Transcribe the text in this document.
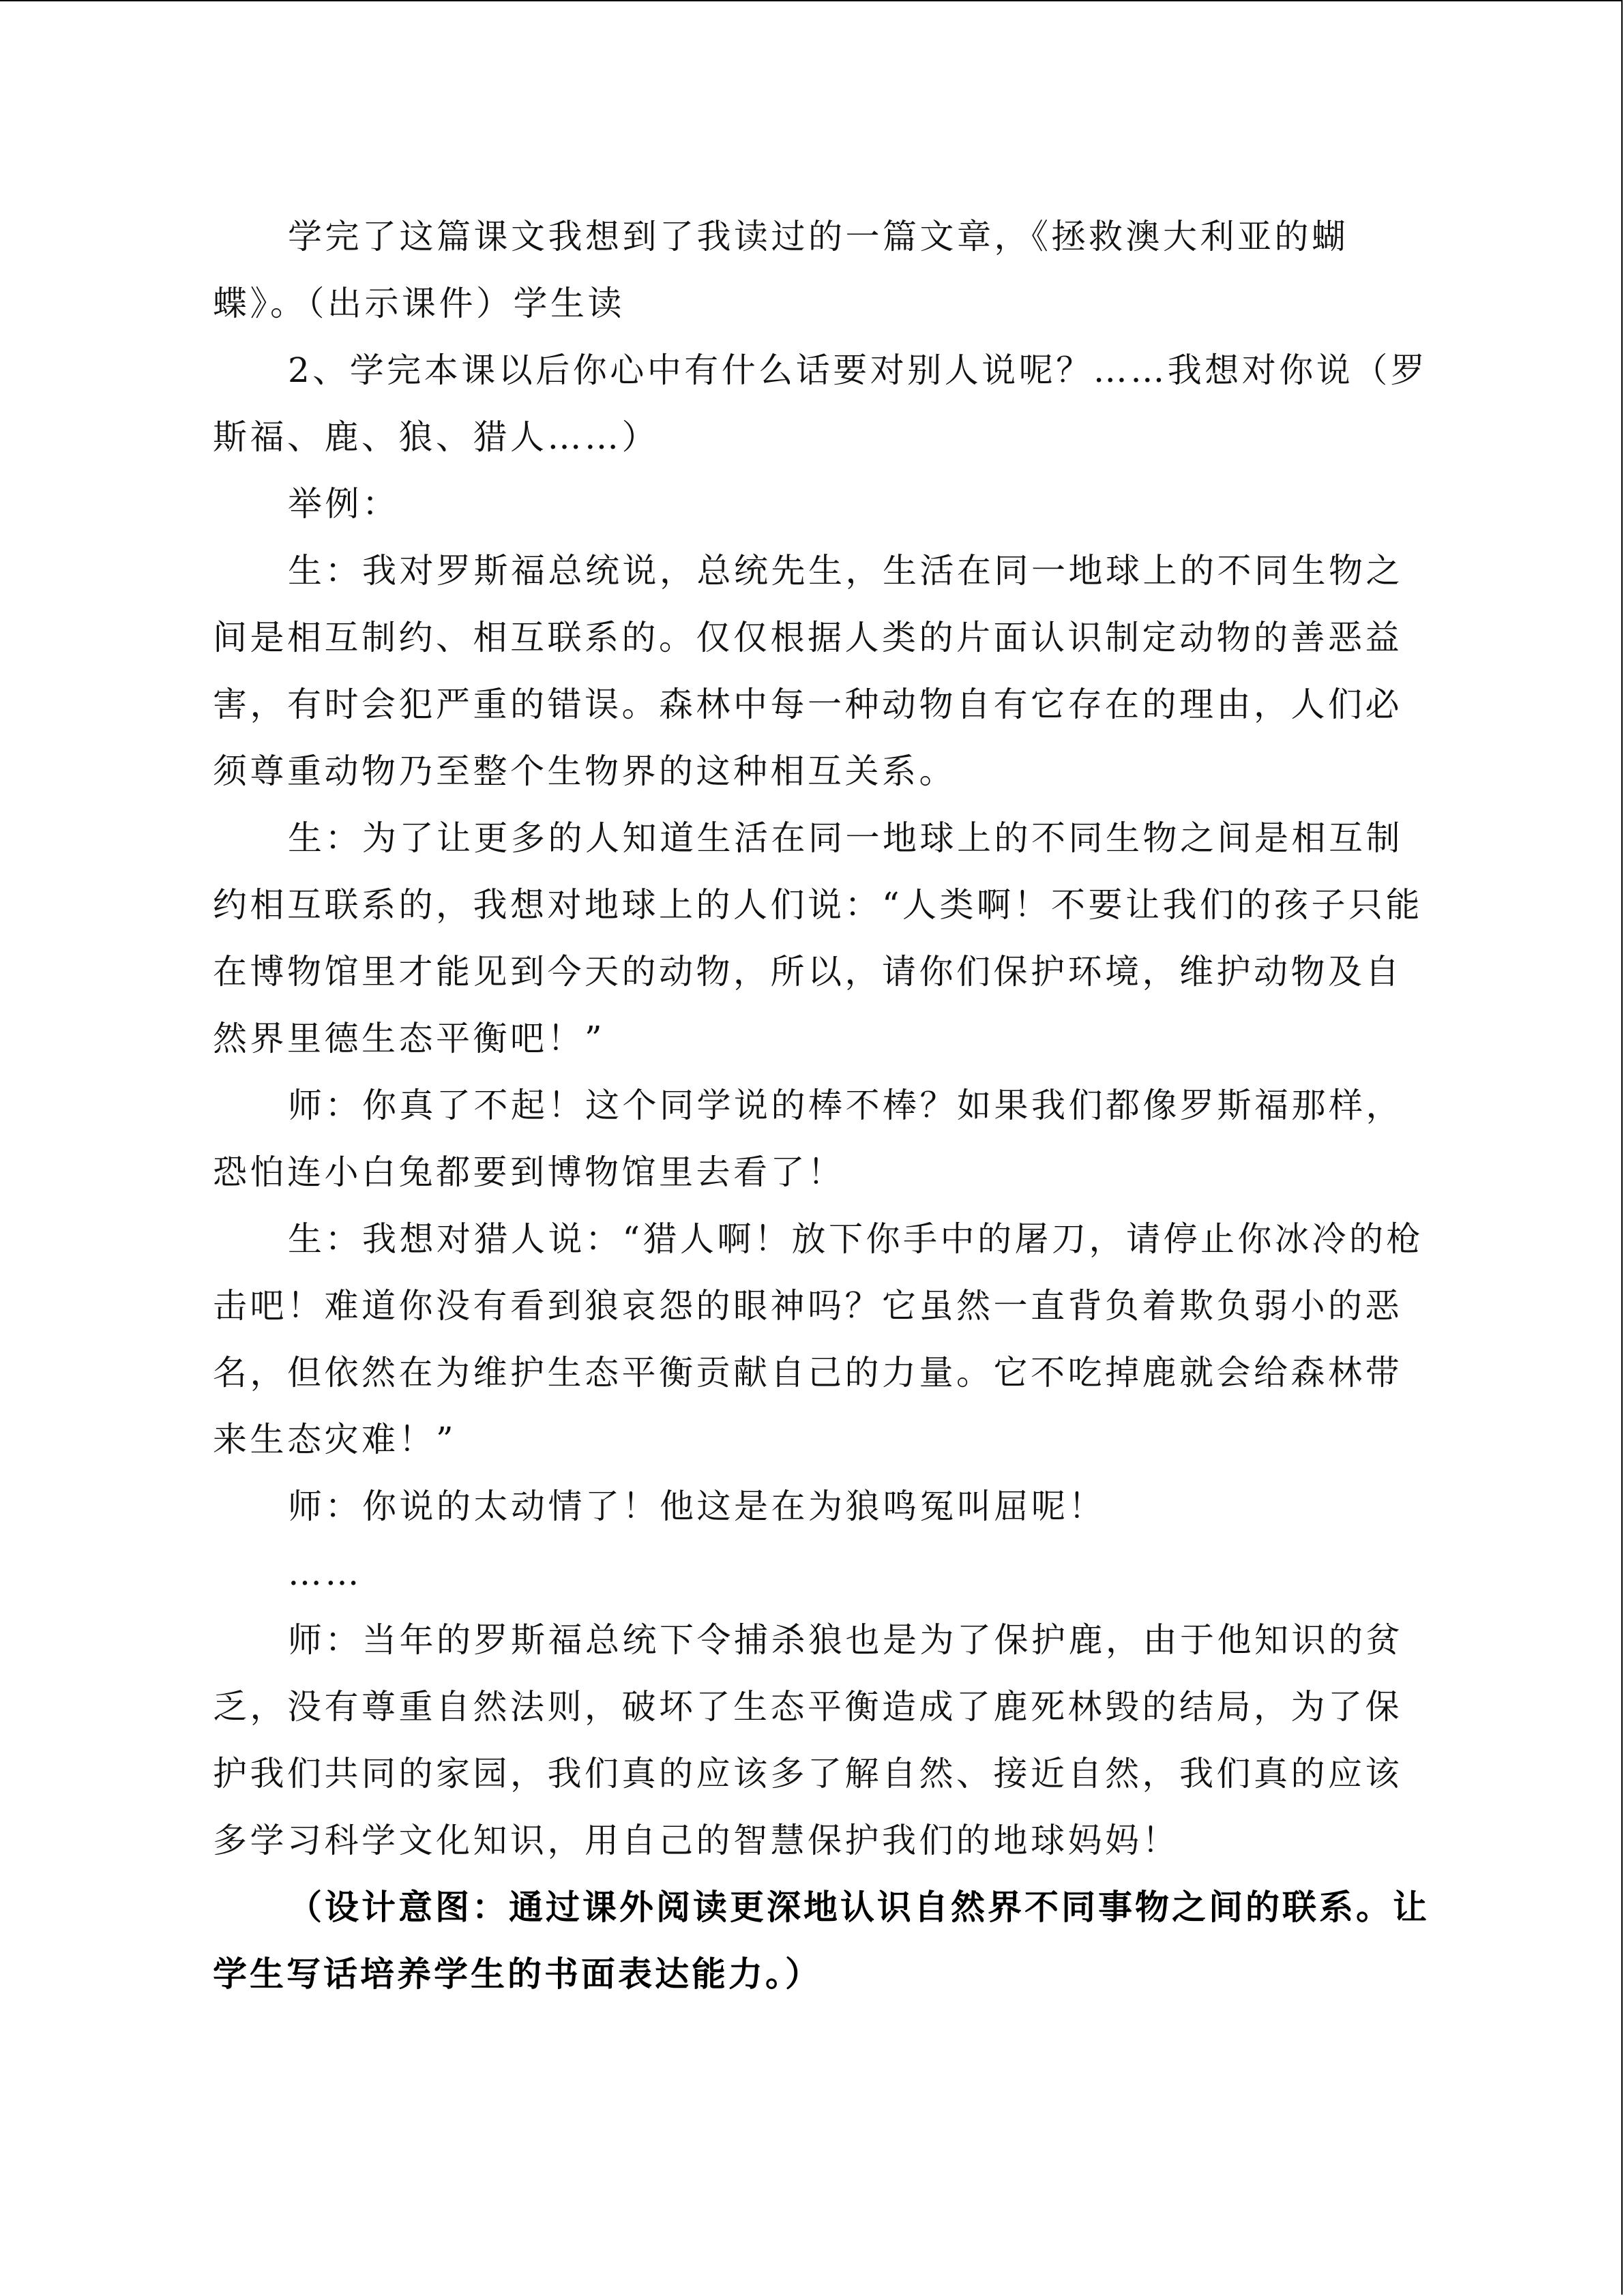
学完了这篇课文我想到了我读过的一篇文章，《拯救澳大利亚的蝴蝶》。（出示课件）学生读

2、学完本课以后你心中有什么话要对别人说呢？……我想对你说（罗斯福、鹿、狼、猎人……）

举例：

生：我对罗斯福总统说，总统先生，生活在同一地球上的不同生物之间是相互制约、相互联系的。仅仅根据人类的片面认识制定动物的善恶益害，有时会犯严重的错误。森林中每一种动物自有它存在的理由，人们必须尊重动物乃至整个生物界的这种相互关系。

生：为了让更多的人知道生活在同一地球上的不同生物之间是相互制约相互联系的，我想对地球上的人们说：“人类啊！不要让我们的孩子只能在博物馆里才能见到今天的动物，所以，请你们保护环境，维护动物及自然界里德生态平衡吧！”

师：你真了不起！这个同学说的棒不棒？如果我们都像罗斯福那样，恐怕连小白兔都要到博物馆里去看了！

生：我想对猎人说：“猎人啊！放下你手中的屠刀，请停止你冰冷的枪击吧！难道你没有看到狼哀怨的眼神吗？它虽然一直背负着欺负弱小的恶名，但依然在为维护生态平衡贡献自己的力量。它不吃掉鹿就会给森林带来生态灾难！”

师：你说的太动情了！他这是在为狼鸣冤叫屈呢！

……

师：当年的罗斯福总统下令捕杀狼也是为了保护鹿，由于他知识的贫乏，没有尊重自然法则，破坏了生态平衡造成了鹿死林毁的结局，为了保护我们共同的家园，我们真的应该多了解自然、接近自然，我们真的应该多学习科学文化知识，用自己的智慧保护我们的地球妈妈！

（设计意图：通过课外阅读更深地认识自然界不同事物之间的联系。让学生写话培养学生的书面表达能力。）
